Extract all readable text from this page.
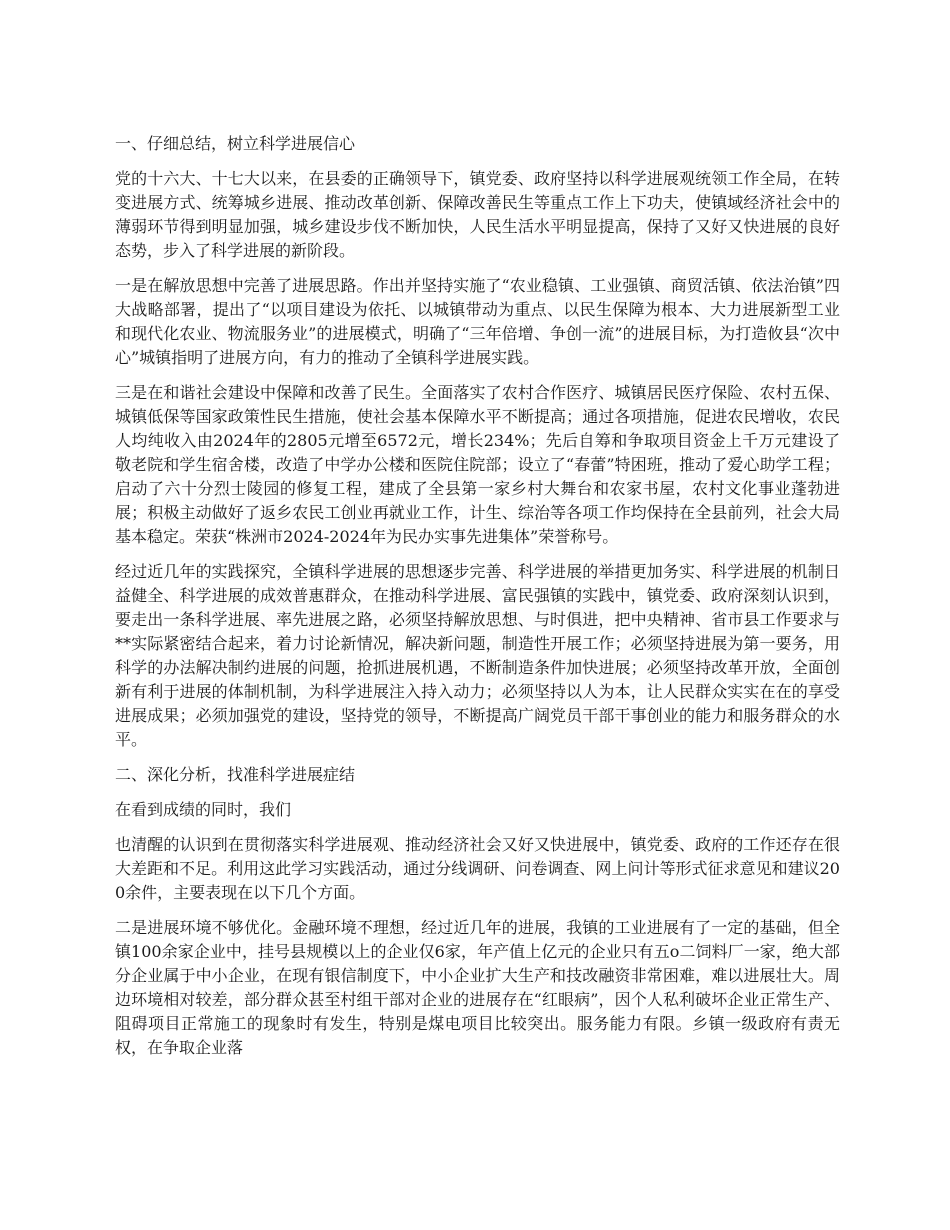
一、仔细总结，树立科学进展信心

党的十六大、十七大以来，在县委的正确领导下，镇党委、政府坚持以科学进展观统领工作全局，在转变进展方式、统筹城乡进展、推动改革创新、保障改善民生等重点工作上下功夫，使镇域经济社会中的薄弱环节得到明显加强，城乡建设步伐不断加快，人民生活水平明显提高，保持了又好又快进展的良好态势，步入了科学进展的新阶段。

一是在解放思想中完善了进展思路。作出并坚持实施了“农业稳镇、工业强镇、商贸活镇、依法治镇”四大战略部署，提出了“以项目建设为依托、以城镇带动为重点、以民生保障为根本、大力进展新型工业和现代化农业、物流服务业”的进展模式，明确了“三年倍增、争创一流”的进展目标，为打造攸县“次中心”城镇指明了进展方向，有力的推动了全镇科学进展实践。

三是在和谐社会建设中保障和改善了民生。全面落实了农村合作医疗、城镇居民医疗保险、农村五保、城镇低保等国家政策性民生措施，使社会基本保障水平不断提高；通过各项措施，促进农民增收，农民人均纯收入由2024年的2805元增至6572元，增长234%；先后自筹和争取项目资金上千万元建设了敬老院和学生宿舍楼，改造了中学办公楼和医院住院部；设立了“春蕾”特困班，推动了爱心助学工程；启动了六十分烈士陵园的修复工程，建成了全县第一家乡村大舞台和农家书屋，农村文化事业蓬勃进展；积极主动做好了返乡农民工创业再就业工作，计生、综治等各项工作均保持在全县前列，社会大局基本稳定。荣获“株洲市2024-2024年为民办实事先进集体”荣誉称号。

经过近几年的实践探究，全镇科学进展的思想逐步完善、科学进展的举措更加务实、科学进展的机制日益健全、科学进展的成效普惠群众，在推动科学进展、富民强镇的实践中，镇党委、政府深刻认识到，要走出一条科学进展、率先进展之路，必须坚持解放思想、与时俱进，把中央精神、省市县工作要求与**实际紧密结合起来，着力讨论新情况，解决新问题，制造性开展工作；必须坚持进展为第一要务，用科学的办法解决制约进展的问题，抢抓进展机遇，不断制造条件加快进展；必须坚持改革开放，全面创新有利于进展的体制机制，为科学进展注入持入动力；必须坚持以人为本，让人民群众实实在在的享受进展成果；必须加强党的建设，坚持党的领导，不断提高广阔党员干部干事创业的能力和服务群众的水平。

二、深化分析，找准科学进展症结

在看到成绩的同时，我们

也清醒的认识到在贯彻落实科学进展观、推动经济社会又好又快进展中，镇党委、政府的工作还存在很大差距和不足。利用这此学习实践活动，通过分线调研、问卷调查、网上问计等形式征求意见和建议200余件，主要表现在以下几个方面。

二是进展环境不够优化。金融环境不理想，经过近几年的进展，我镇的工业进展有了一定的基础，但全镇100余家企业中，挂号县规模以上的企业仅6家，年产值上亿元的企业只有五o二饲料厂一家，绝大部分企业属于中小企业，在现有银信制度下，中小企业扩大生产和技改融资非常困难，难以进展壮大。周边环境相对较差，部分群众甚至村组干部对企业的进展存在“红眼病”，因个人私利破坏企业正常生产、阻碍项目正常施工的现象时有发生，特别是煤电项目比较突出。服务能力有限。乡镇一级政府有责无权，在争取企业落
